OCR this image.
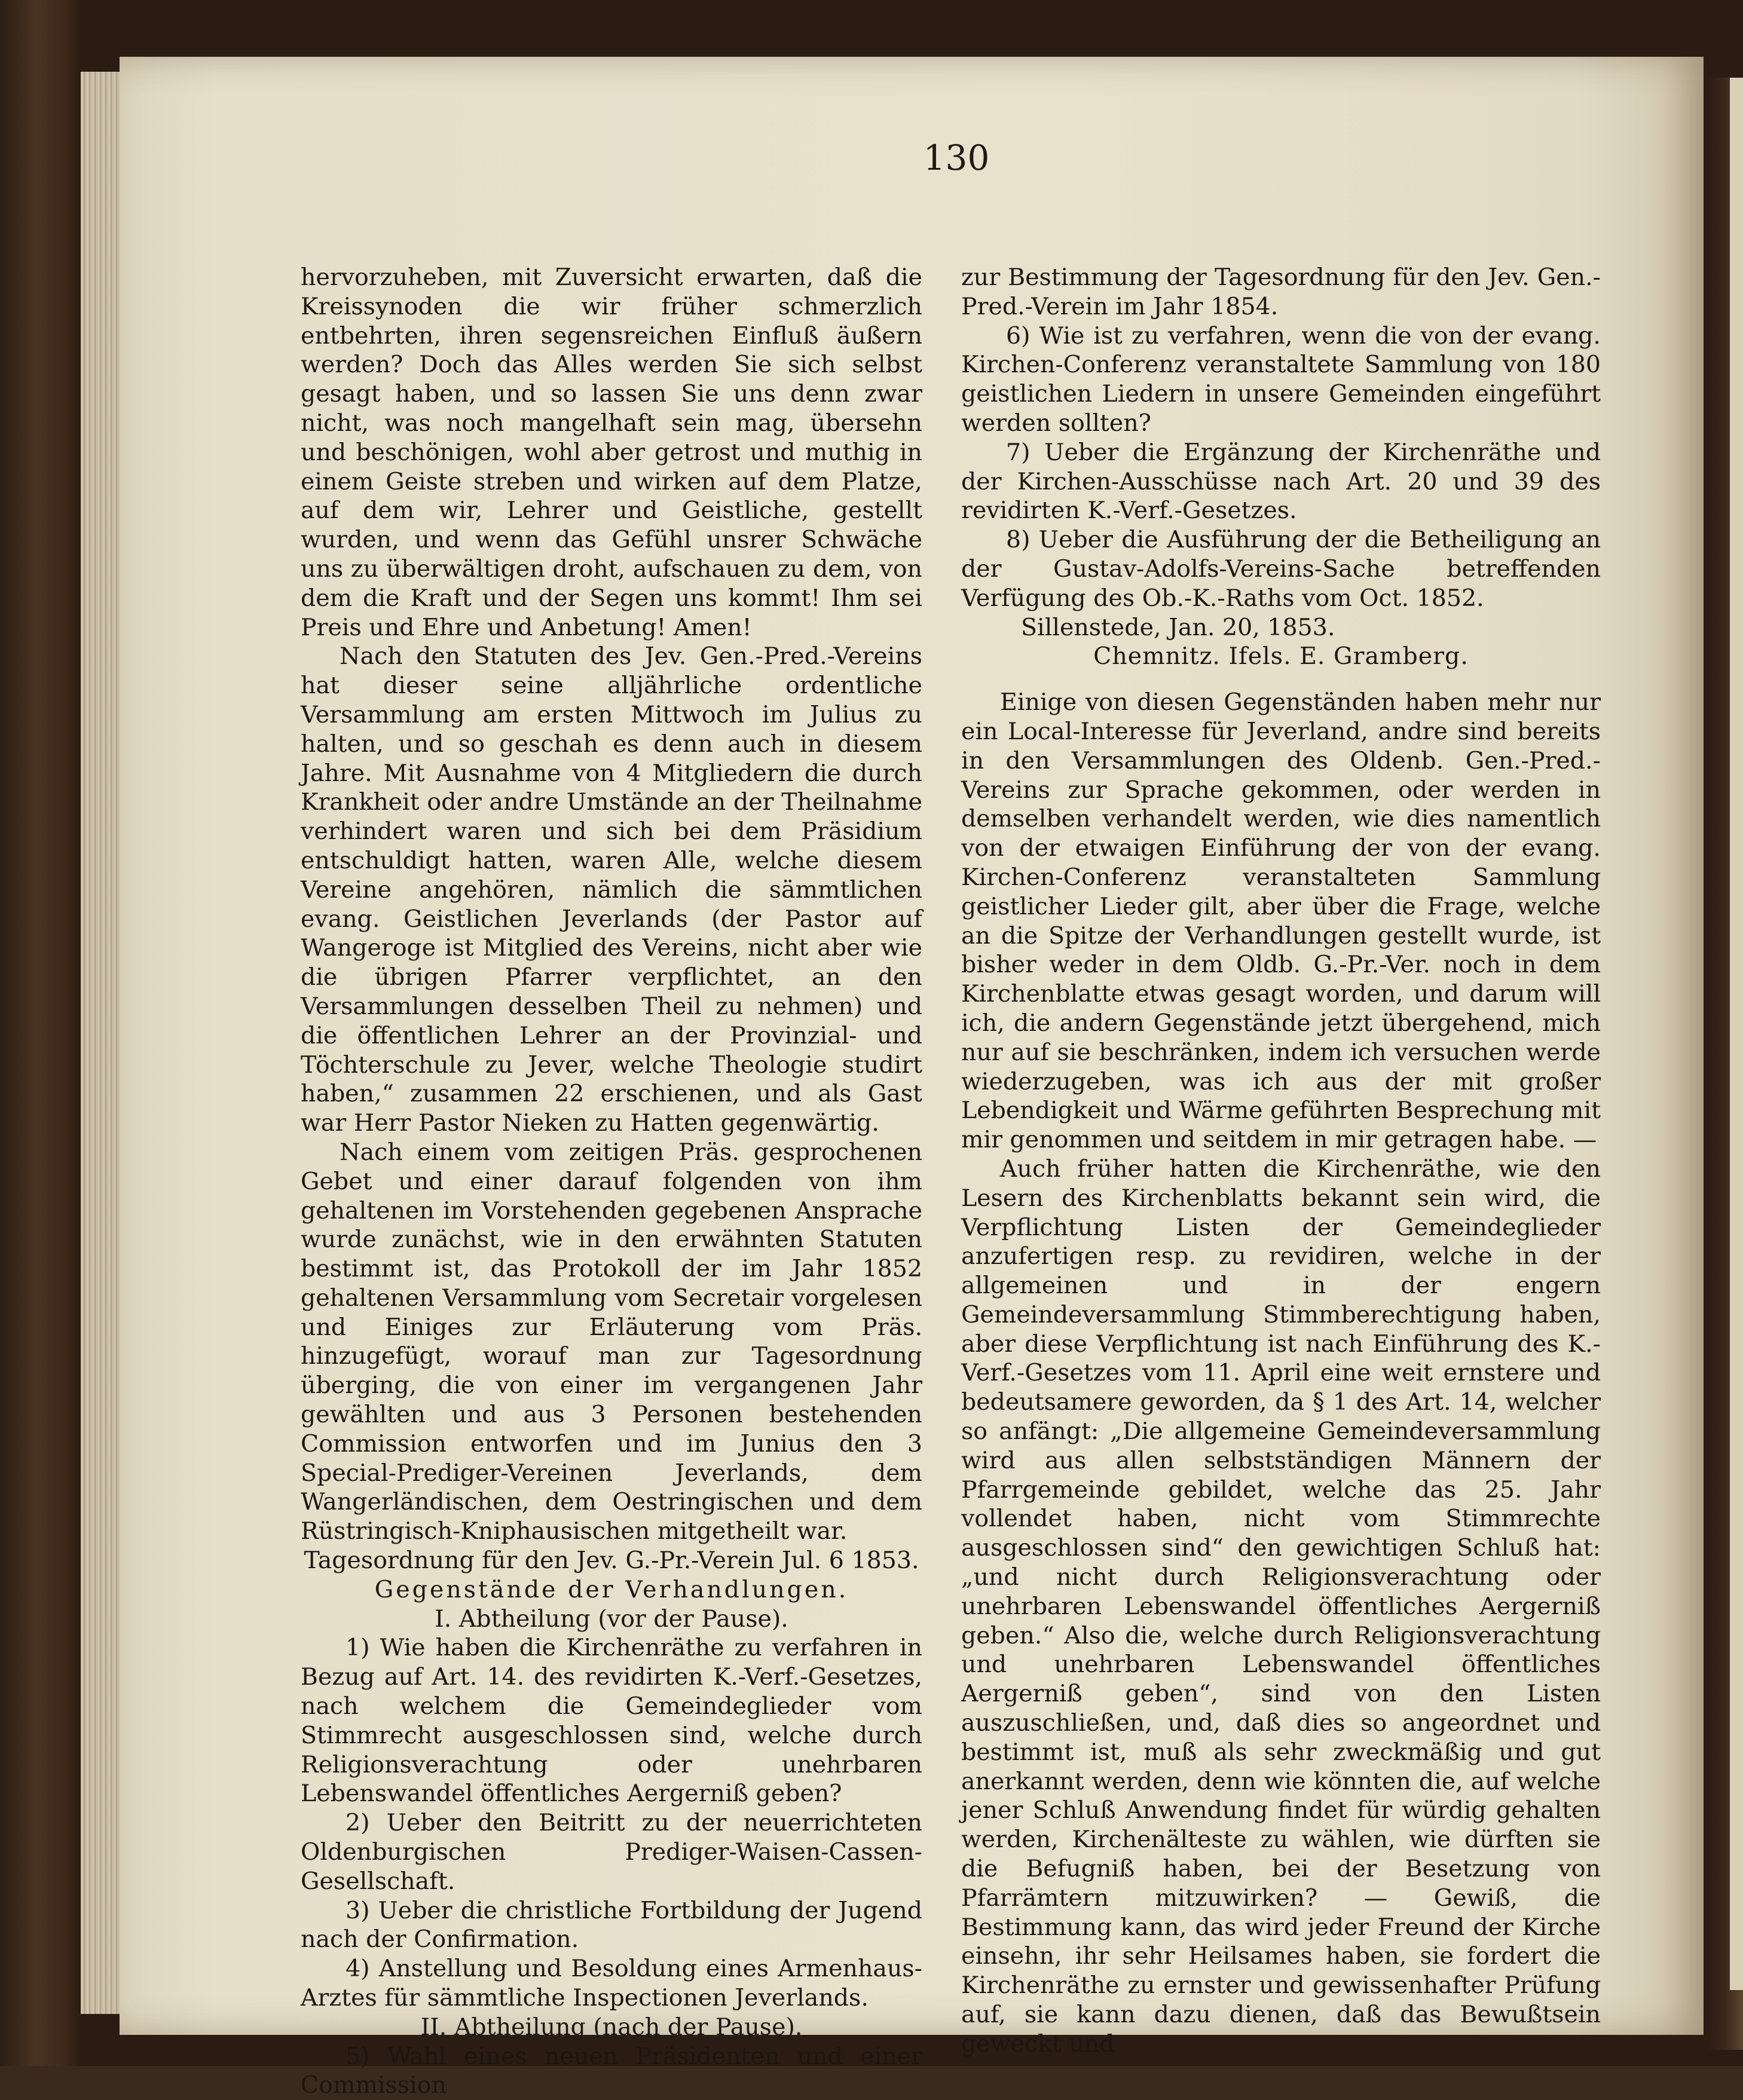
130

hervorzuheben, mit Zuversicht erwarten, daß die Kreissynoden die wir früher schmerzlich entbehrten, ihren segensreichen Einfluß äußern werden? Doch das Alles werden Sie sich selbst gesagt haben, und so lassen Sie uns denn zwar nicht, was noch mangelhaft sein mag, übersehn und beschönigen, wohl aber getrost und muthig in einem Geiste streben und wirken auf dem Platze, auf dem wir, Lehrer und Geistliche, gestellt wurden, und wenn das Gefühl unsrer Schwäche uns zu überwältigen droht, aufschauen zu dem, von dem die Kraft und der Segen uns kommt! Ihm sei Preis und Ehre und Anbetung! Amen!

Nach den Statuten des Jev. Gen.-Pred.-Vereins hat dieser seine alljährliche ordentliche Versammlung am ersten Mittwoch im Julius zu halten, und so geschah es denn auch in diesem Jahre. Mit Ausnahme von 4 Mitgliedern die durch Krankheit oder andre Umstände an der Theilnahme verhindert waren und sich bei dem Präsidium entschuldigt hatten, waren Alle, welche diesem Vereine angehören, nämlich die sämmtlichen evang. Geistlichen Jeverlands (der Pastor auf Wangeroge ist Mitglied des Vereins, nicht aber wie die übrigen Pfarrer verpflichtet, an den Versammlungen desselben Theil zu nehmen) und die öffentlichen Lehrer an der Provinzial- und Töchterschule zu Jever, welche Theologie studirt haben,“ zusammen 22 erschienen, und als Gast war Herr Pastor Nieken zu Hatten gegenwärtig.

Nach einem vom zeitigen Präs. gesprochenen Gebet und einer darauf folgenden von ihm gehaltenen im Vorstehenden gegebenen Ansprache wurde zunächst, wie in den erwähnten Statuten bestimmt ist, das Protokoll der im Jahr 1852 gehaltenen Versammlung vom Secretair vorgelesen und Einiges zur Erläuterung vom Präs. hinzugefügt, worauf man zur Tagesordnung überging, die von einer im vergangenen Jahr gewählten und aus 3 Personen bestehenden Commission entworfen und im Junius den 3 Special-Prediger-Vereinen Jeverlands, dem Wangerländischen, dem Oestringischen und dem Rüstringisch-Kniphausischen mitgetheilt war.

Tagesordnung für den Jev. G.-Pr.-Verein Jul. 6 1853.

Gegenstände der Verhandlungen.

I. Abtheilung (vor der Pause).

1) Wie haben die Kirchenräthe zu verfahren in Bezug auf Art. 14. des revidirten K.-Verf.-Gesetzes, nach welchem die Gemeindeglieder vom Stimmrecht ausgeschlossen sind, welche durch Religionsverachtung oder unehrbaren Lebenswandel öffentliches Aergerniß geben?

2) Ueber den Beitritt zu der neuerrichteten Oldenburgischen Prediger-Waisen-Cassen-Gesellschaft.

3) Ueber die christliche Fortbildung der Jugend nach der Confirmation.

4) Anstellung und Besoldung eines Armenhaus-Arztes für sämmtliche Inspectionen Jeverlands.

II. Abtheilung (nach der Pause).

5) Wahl eines neuen Präsidenten und einer Commission

zur Bestimmung der Tagesordnung für den Jev. Gen.-Pred.-Verein im Jahr 1854.

6) Wie ist zu verfahren, wenn die von der evang. Kirchen-Conferenz veranstaltete Sammlung von 180 geistlichen Liedern in unsere Gemeinden eingeführt werden sollten?

7) Ueber die Ergänzung der Kirchenräthe und der Kirchen-Ausschüsse nach Art. 20 und 39 des revidirten K.-Verf.-Gesetzes.

8) Ueber die Ausführung der die Betheiligung an der Gustav-Adolfs-Vereins-Sache betreffenden Verfügung des Ob.-K.-Raths vom Oct. 1852.

Sillenstede, Jan. 20, 1853.

Chemnitz. Ifels. E. Gramberg.

Einige von diesen Gegenständen haben mehr nur ein Local-Interesse für Jeverland, andre sind bereits in den Versammlungen des Oldenb. Gen.-Pred.-Vereins zur Sprache gekommen, oder werden in demselben verhandelt werden, wie dies namentlich von der etwaigen Einführung der von der evang. Kirchen-Conferenz veranstalteten Sammlung geistlicher Lieder gilt, aber über die Frage, welche an die Spitze der Verhandlungen gestellt wurde, ist bisher weder in dem Oldb. G.-Pr.-Ver. noch in dem Kirchenblatte etwas gesagt worden, und darum will ich, die andern Gegenstände jetzt übergehend, mich nur auf sie beschränken, indem ich versuchen werde wiederzugeben, was ich aus der mit großer Lebendigkeit und Wärme geführten Besprechung mit mir genommen und seitdem in mir getragen habe. —

Auch früher hatten die Kirchenräthe, wie den Lesern des Kirchenblatts bekannt sein wird, die Verpflichtung Listen der Gemeindeglieder anzufertigen resp. zu revidiren, welche in der allgemeinen und in der engern Gemeindeversammlung Stimmberechtigung haben, aber diese Verpflichtung ist nach Einführung des K.-Verf.-Gesetzes vom 11. April eine weit ernstere und bedeutsamere geworden, da § 1 des Art. 14, welcher so anfängt: „Die allgemeine Gemeindeversammlung wird aus allen selbstständigen Männern der Pfarrgemeinde gebildet, welche das 25. Jahr vollendet haben, nicht vom Stimmrechte ausgeschlossen sind“ den gewichtigen Schluß hat: „und nicht durch Religionsverachtung oder unehrbaren Lebenswandel öffentliches Aergerniß geben.“ Also die, welche durch Religionsverachtung und unehrbaren Lebenswandel öffentliches Aergerniß geben“, sind von den Listen auszuschließen, und, daß dies so angeordnet und bestimmt ist, muß als sehr zweckmäßig und gut anerkannt werden, denn wie könnten die, auf welche jener Schluß Anwendung findet für würdig gehalten werden, Kirchenälteste zu wählen, wie dürften sie die Befugniß haben, bei der Besetzung von Pfarrämtern mitzuwirken? — Gewiß, die Bestimmung kann, das wird jeder Freund der Kirche einsehn, ihr sehr Heilsames haben, sie fordert die Kirchenräthe zu ernster und gewissenhafter Prüfung auf, sie kann dazu dienen, daß das Bewußtsein geweckt und
